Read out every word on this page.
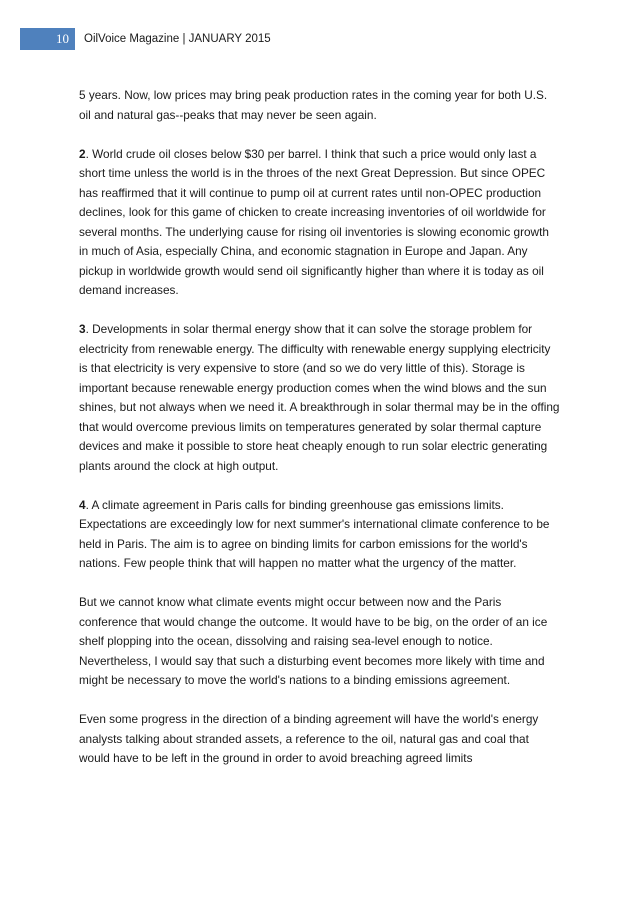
10	OilVoice Magazine | JANUARY 2015

5 years. Now, low prices may bring peak production rates in the coming year for both U.S. oil and natural gas--peaks that may never be seen again.

2. World crude oil closes below $30 per barrel. I think that such a price would only last a short time unless the world is in the throes of the next Great Depression. But since OPEC has reaffirmed that it will continue to pump oil at current rates until non-OPEC production declines, look for this game of chicken to create increasing inventories of oil worldwide for several months. The underlying cause for rising oil inventories is slowing economic growth in much of Asia, especially China, and economic stagnation in Europe and Japan. Any pickup in worldwide growth would send oil significantly higher than where it is today as oil demand increases.

3. Developments in solar thermal energy show that it can solve the storage problem for electricity from renewable energy. The difficulty with renewable energy supplying electricity is that electricity is very expensive to store (and so we do very little of this). Storage is important because renewable energy production comes when the wind blows and the sun shines, but not always when we need it. A breakthrough in solar thermal may be in the offing that would overcome previous limits on temperatures generated by solar thermal capture devices and make it possible to store heat cheaply enough to run solar electric generating plants around the clock at high output.

4. A climate agreement in Paris calls for binding greenhouse gas emissions limits. Expectations are exceedingly low for next summer's international climate conference to be held in Paris. The aim is to agree on binding limits for carbon emissions for the world's nations. Few people think that will happen no matter what the urgency of the matter.

But we cannot know what climate events might occur between now and the Paris conference that would change the outcome. It would have to be big, on the order of an ice shelf plopping into the ocean, dissolving and raising sea-level enough to notice. Nevertheless, I would say that such a disturbing event becomes more likely with time and might be necessary to move the world's nations to a binding emissions agreement.

Even some progress in the direction of a binding agreement will have the world's energy analysts talking about stranded assets, a reference to the oil, natural gas and coal that would have to be left in the ground in order to avoid breaching agreed limits
